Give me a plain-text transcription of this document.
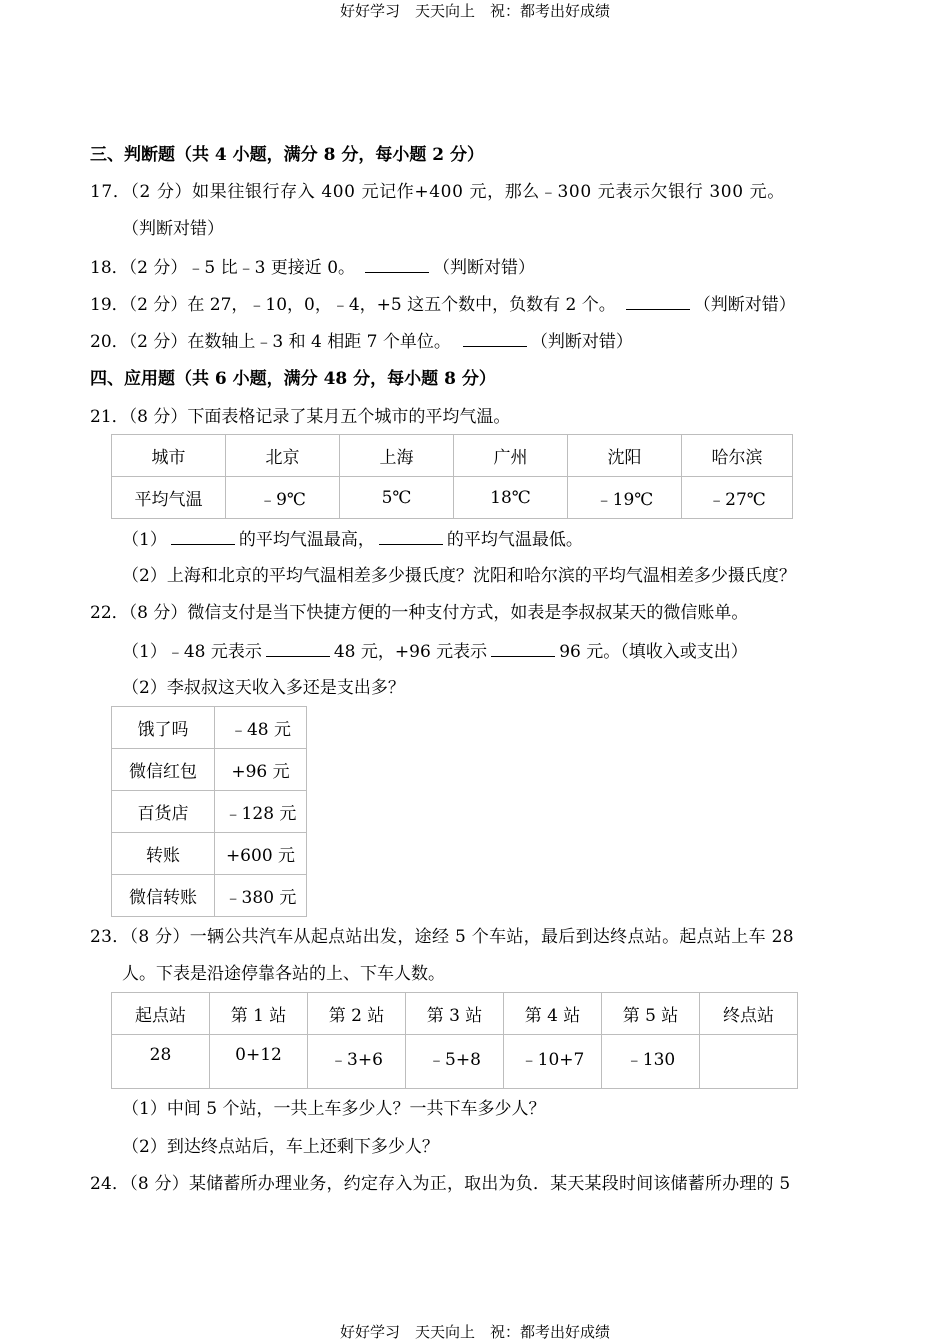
好好学习　天天向上　祝：都考出好成绩
三、判断题（共 4 小题，满分 8 分，每小题 2 分）
17．（2 分）如果往银行存入 400 元记作+400 元，那么﹣300 元表示欠银行 300 元。
（判断对错）
18．（2 分）﹣5 比﹣3 更接近 0。	（判断对错）
19．（2 分）在 27，﹣10，0，﹣4，+5 这五个数中，负数有 2 个。	（判断对错）
20．（2 分）在数轴上﹣3 和 4 相距 7 个单位。	（判断对错）
四、应用题（共 6 小题，满分 48 分，每小题 8 分）
21．（8 分）下面表格记录了某月五个城市的平均气温。
城市	北京	上海	广州	沈阳	哈尔滨
平均气温	﹣9℃	5℃	18℃	﹣19℃	﹣27℃
（1）	的平均气温最高，	的平均气温最低。
（2）上海和北京的平均气温相差多少摄氏度？沈阳和哈尔滨的平均气温相差多少摄氏度？
22．（8 分）微信支付是当下快捷方便的一种支付方式，如表是李叔叔某天的微信账单。
（1）﹣48 元表示	48 元，+96 元表示	96 元。（填收入或支出）
（2）李叔叔这天收入多还是支出多？
饿了吗	﹣48 元
微信红包	+96 元
百货店	﹣128 元
转账	+600 元
微信转账	﹣380 元
23．（8 分）一辆公共汽车从起点站出发，途经 5 个车站，最后到达终点站。起点站上车 28
人。下表是沿途停靠各站的上、下车人数。
起点站	第 1 站	第 2 站	第 3 站	第 4 站	第 5 站	终点站
28	0+12	﹣3+6	﹣5+8	﹣10+7	﹣130	
（1）中间 5 个站，一共上车多少人？一共下车多少人？
（2）到达终点站后，车上还剩下多少人？
24．（8 分）某储蓄所办理业务，约定存入为正，取出为负．某天某段时间该储蓄所办理的 5
好好学习　天天向上　祝：都考出好成绩
